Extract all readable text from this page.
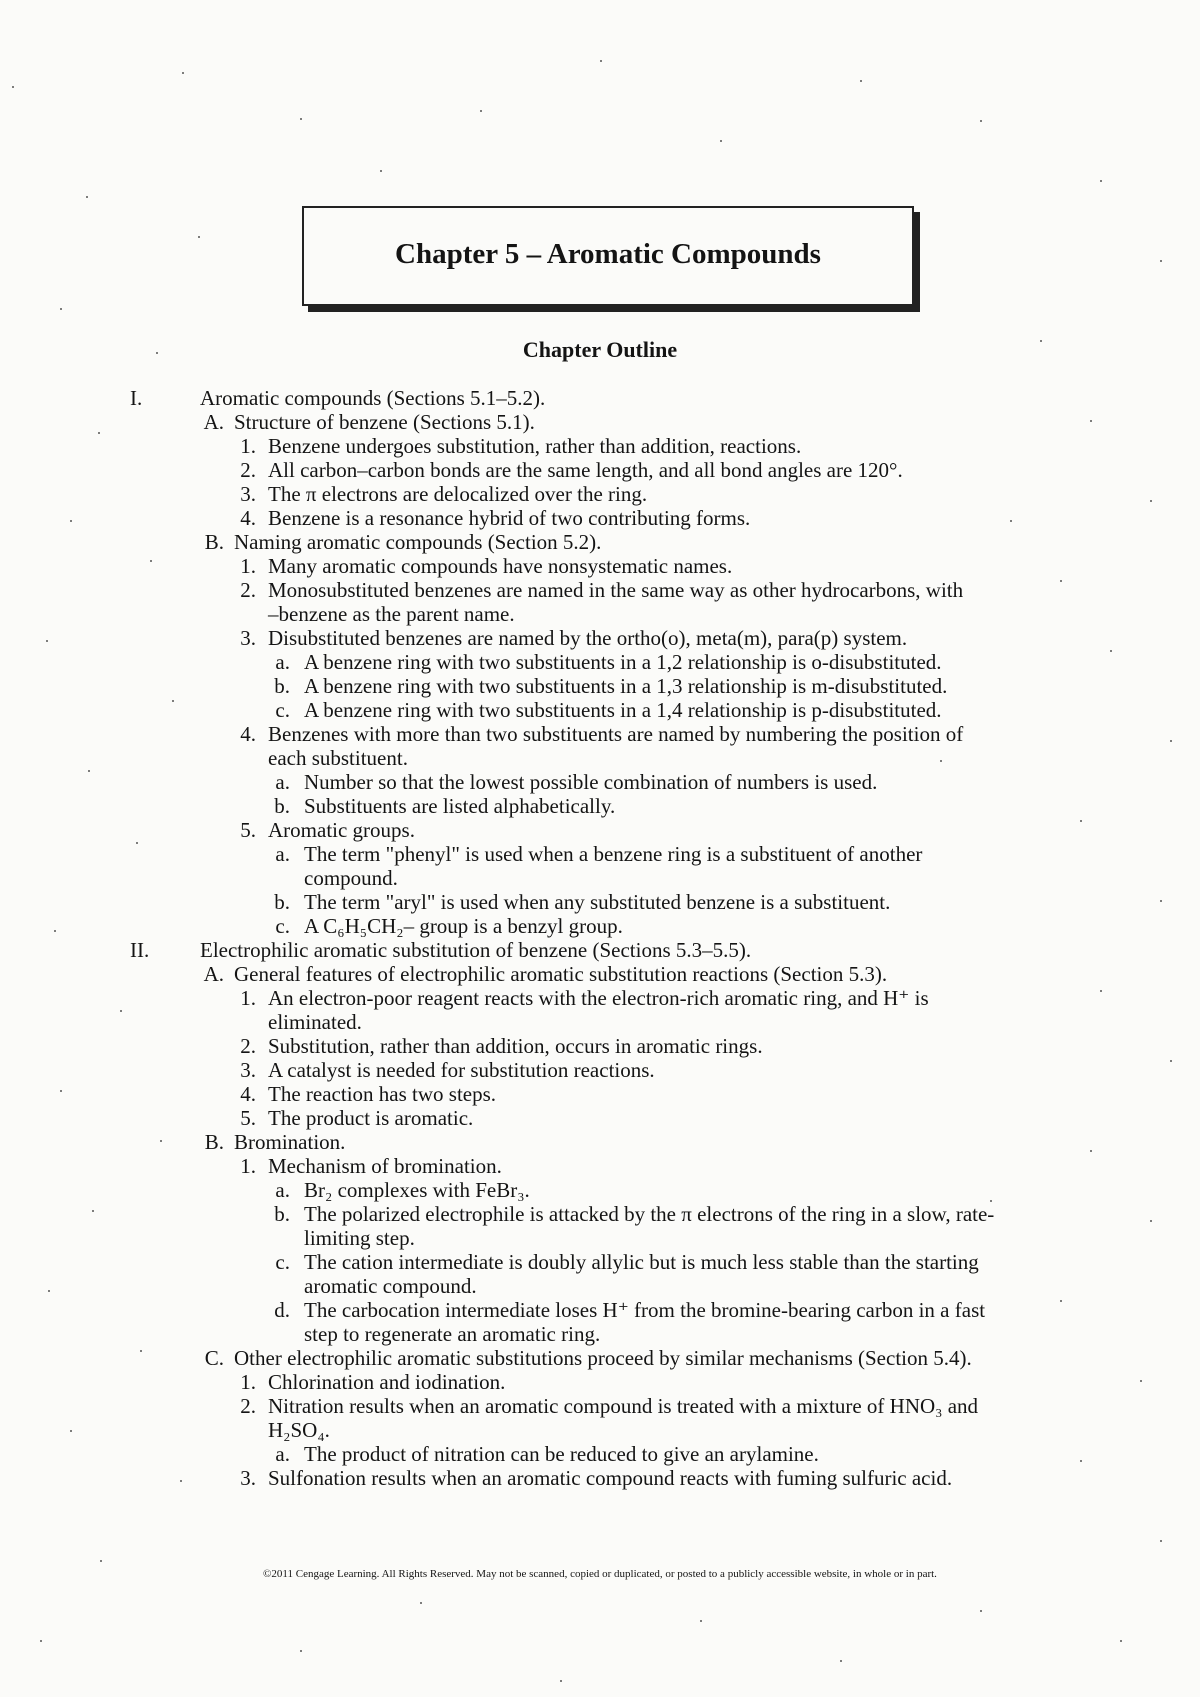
Chapter 5 – Aromatic Compounds
Chapter Outline
I.	Aromatic compounds (Sections 5.1–5.2).
A. Structure of benzene (Sections 5.1).
1. Benzene undergoes substitution, rather than addition, reactions.
2. All carbon–carbon bonds are the same length, and all bond angles are 120°.
3. The π electrons are delocalized over the ring.
4. Benzene is a resonance hybrid of two contributing forms.
B. Naming aromatic compounds (Section 5.2).
1. Many aromatic compounds have nonsystematic names.
2. Monosubstituted benzenes are named in the same way as other hydrocarbons, with
–benzene as the parent name.
3. Disubstituted benzenes are named by the ortho(o), meta(m), para(p) system.
a. A benzene ring with two substituents in a 1,2 relationship is o-disubstituted.
b. A benzene ring with two substituents in a 1,3 relationship is m-disubstituted.
c. A benzene ring with two substituents in a 1,4 relationship is p-disubstituted.
4. Benzenes with more than two substituents are named by numbering the position of
each substituent.
a. Number so that the lowest possible combination of numbers is used.
b. Substituents are listed alphabetically.
5. Aromatic groups.
a. The term "phenyl" is used when a benzene ring is a substituent of another
compound.
b. The term "aryl" is used when any substituted benzene is a substituent.
c. A C₆H₅CH₂– group is a benzyl group.
II.	Electrophilic aromatic substitution of benzene (Sections 5.3–5.5).
A. General features of electrophilic aromatic substitution reactions (Section 5.3).
1. An electron-poor reagent reacts with the electron-rich aromatic ring, and H⁺ is
eliminated.
2. Substitution, rather than addition, occurs in aromatic rings.
3. A catalyst is needed for substitution reactions.
4. The reaction has two steps.
5. The product is aromatic.
B. Bromination.
1. Mechanism of bromination.
a. Br₂ complexes with FeBr₃.
b. The polarized electrophile is attacked by the π electrons of the ring in a slow, rate-
limiting step.
c. The cation intermediate is doubly allylic but is much less stable than the starting
aromatic compound.
d. The carbocation intermediate loses H⁺ from the bromine-bearing carbon in a fast
step to regenerate an aromatic ring.
C. Other electrophilic aromatic substitutions proceed by similar mechanisms (Section 5.4).
1. Chlorination and iodination.
2. Nitration results when an aromatic compound is treated with a mixture of HNO₃ and
H₂SO₄.
a. The product of nitration can be reduced to give an arylamine.
3. Sulfonation results when an aromatic compound reacts with fuming sulfuric acid.
©2011 Cengage Learning. All Rights Reserved. May not be scanned, copied or duplicated, or posted to a publicly accessible website, in whole or in part.
